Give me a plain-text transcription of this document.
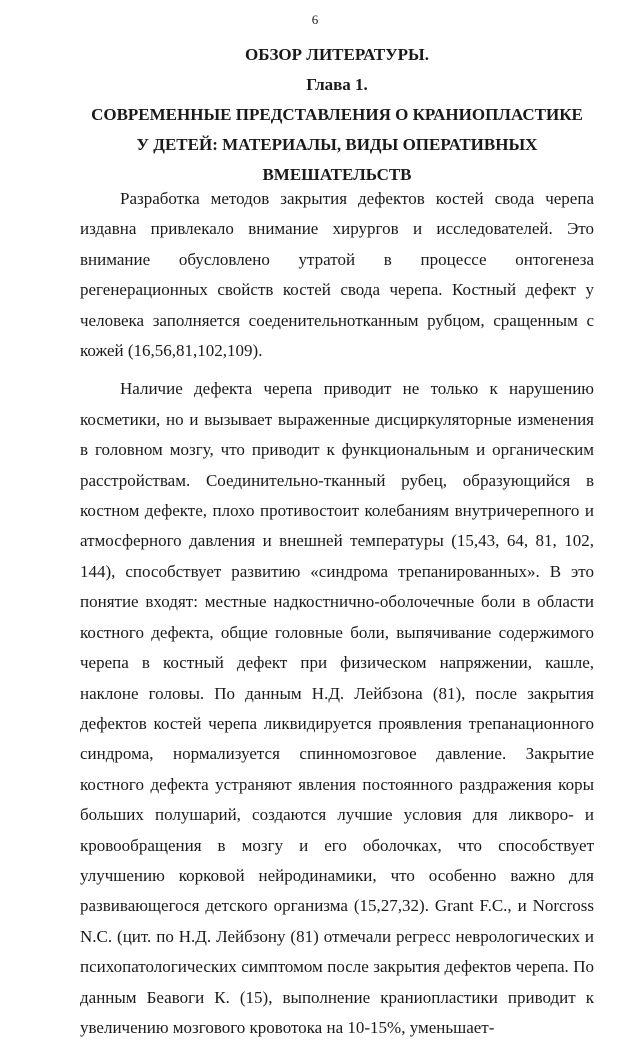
6
ОБЗОР ЛИТЕРАТУРЫ.
Глава 1.
СОВРЕМЕННЫЕ ПРЕДСТАВЛЕНИЯ О КРАНИОПЛАСТИКЕ
У ДЕТЕЙ: МАТЕРИАЛЫ, ВИДЫ ОПЕРАТИВНЫХ
ВМЕШАТЕЛЬСТВ

Разработка методов закрытия дефектов костей свода черепа издавна привлекало внимание хирургов и исследователей. Это внимание обусловлено утратой в процессе онтогенеза регенерационных свойств костей свода черепа. Костный дефект у человека заполняется соеденительнотканным рубцом, сращенным с кожей (16,56,81,102,109).

Наличие дефекта черепа приводит не только к нарушению косметики, но и вызывает выраженные дисциркуляторные изменения в головном мозгу, что приводит к функциональным и органическим расстройствам. Соединительно-тканный рубец, образующийся в костном дефекте, плохо противостоит колебаниям внутричерепного и атмосферного давления и внешней температуры (15,43, 64, 81, 102, 144), способствует развитию «синдрома трепанированных». В это понятие входят: местные надкостнично-оболочечные боли в области костного дефекта, общие головные боли, выпячивание содержимого черепа в костный дефект при физическом напряжении, кашле, наклоне головы. По данным Н.Д. Лейбзона (81), после закрытия дефектов костей черепа ликвидируется проявления трепанационного синдрома, нормализуется спинномозговое давление. Закрытие костного дефекта устраняют явления постоянного раздражения коры больших полушарий, создаются лучшие условия для ликворо- и кровообращения в мозгу и его оболочках, что способствует улучшению корковой нейродинамики, что особенно важно для развивающегося детского организма (15,27,32). Grant F.C., и Norcross N.C. (цит. по Н.Д. Лейбзону (81) отмечали регресс неврологических и психопатологических симптомом после закрытия дефектов черепа. По данным Беавоги К. (15), выполнение краниопластики приводит к увеличению мозгового кровотока на 10-15%, уменьшает-
